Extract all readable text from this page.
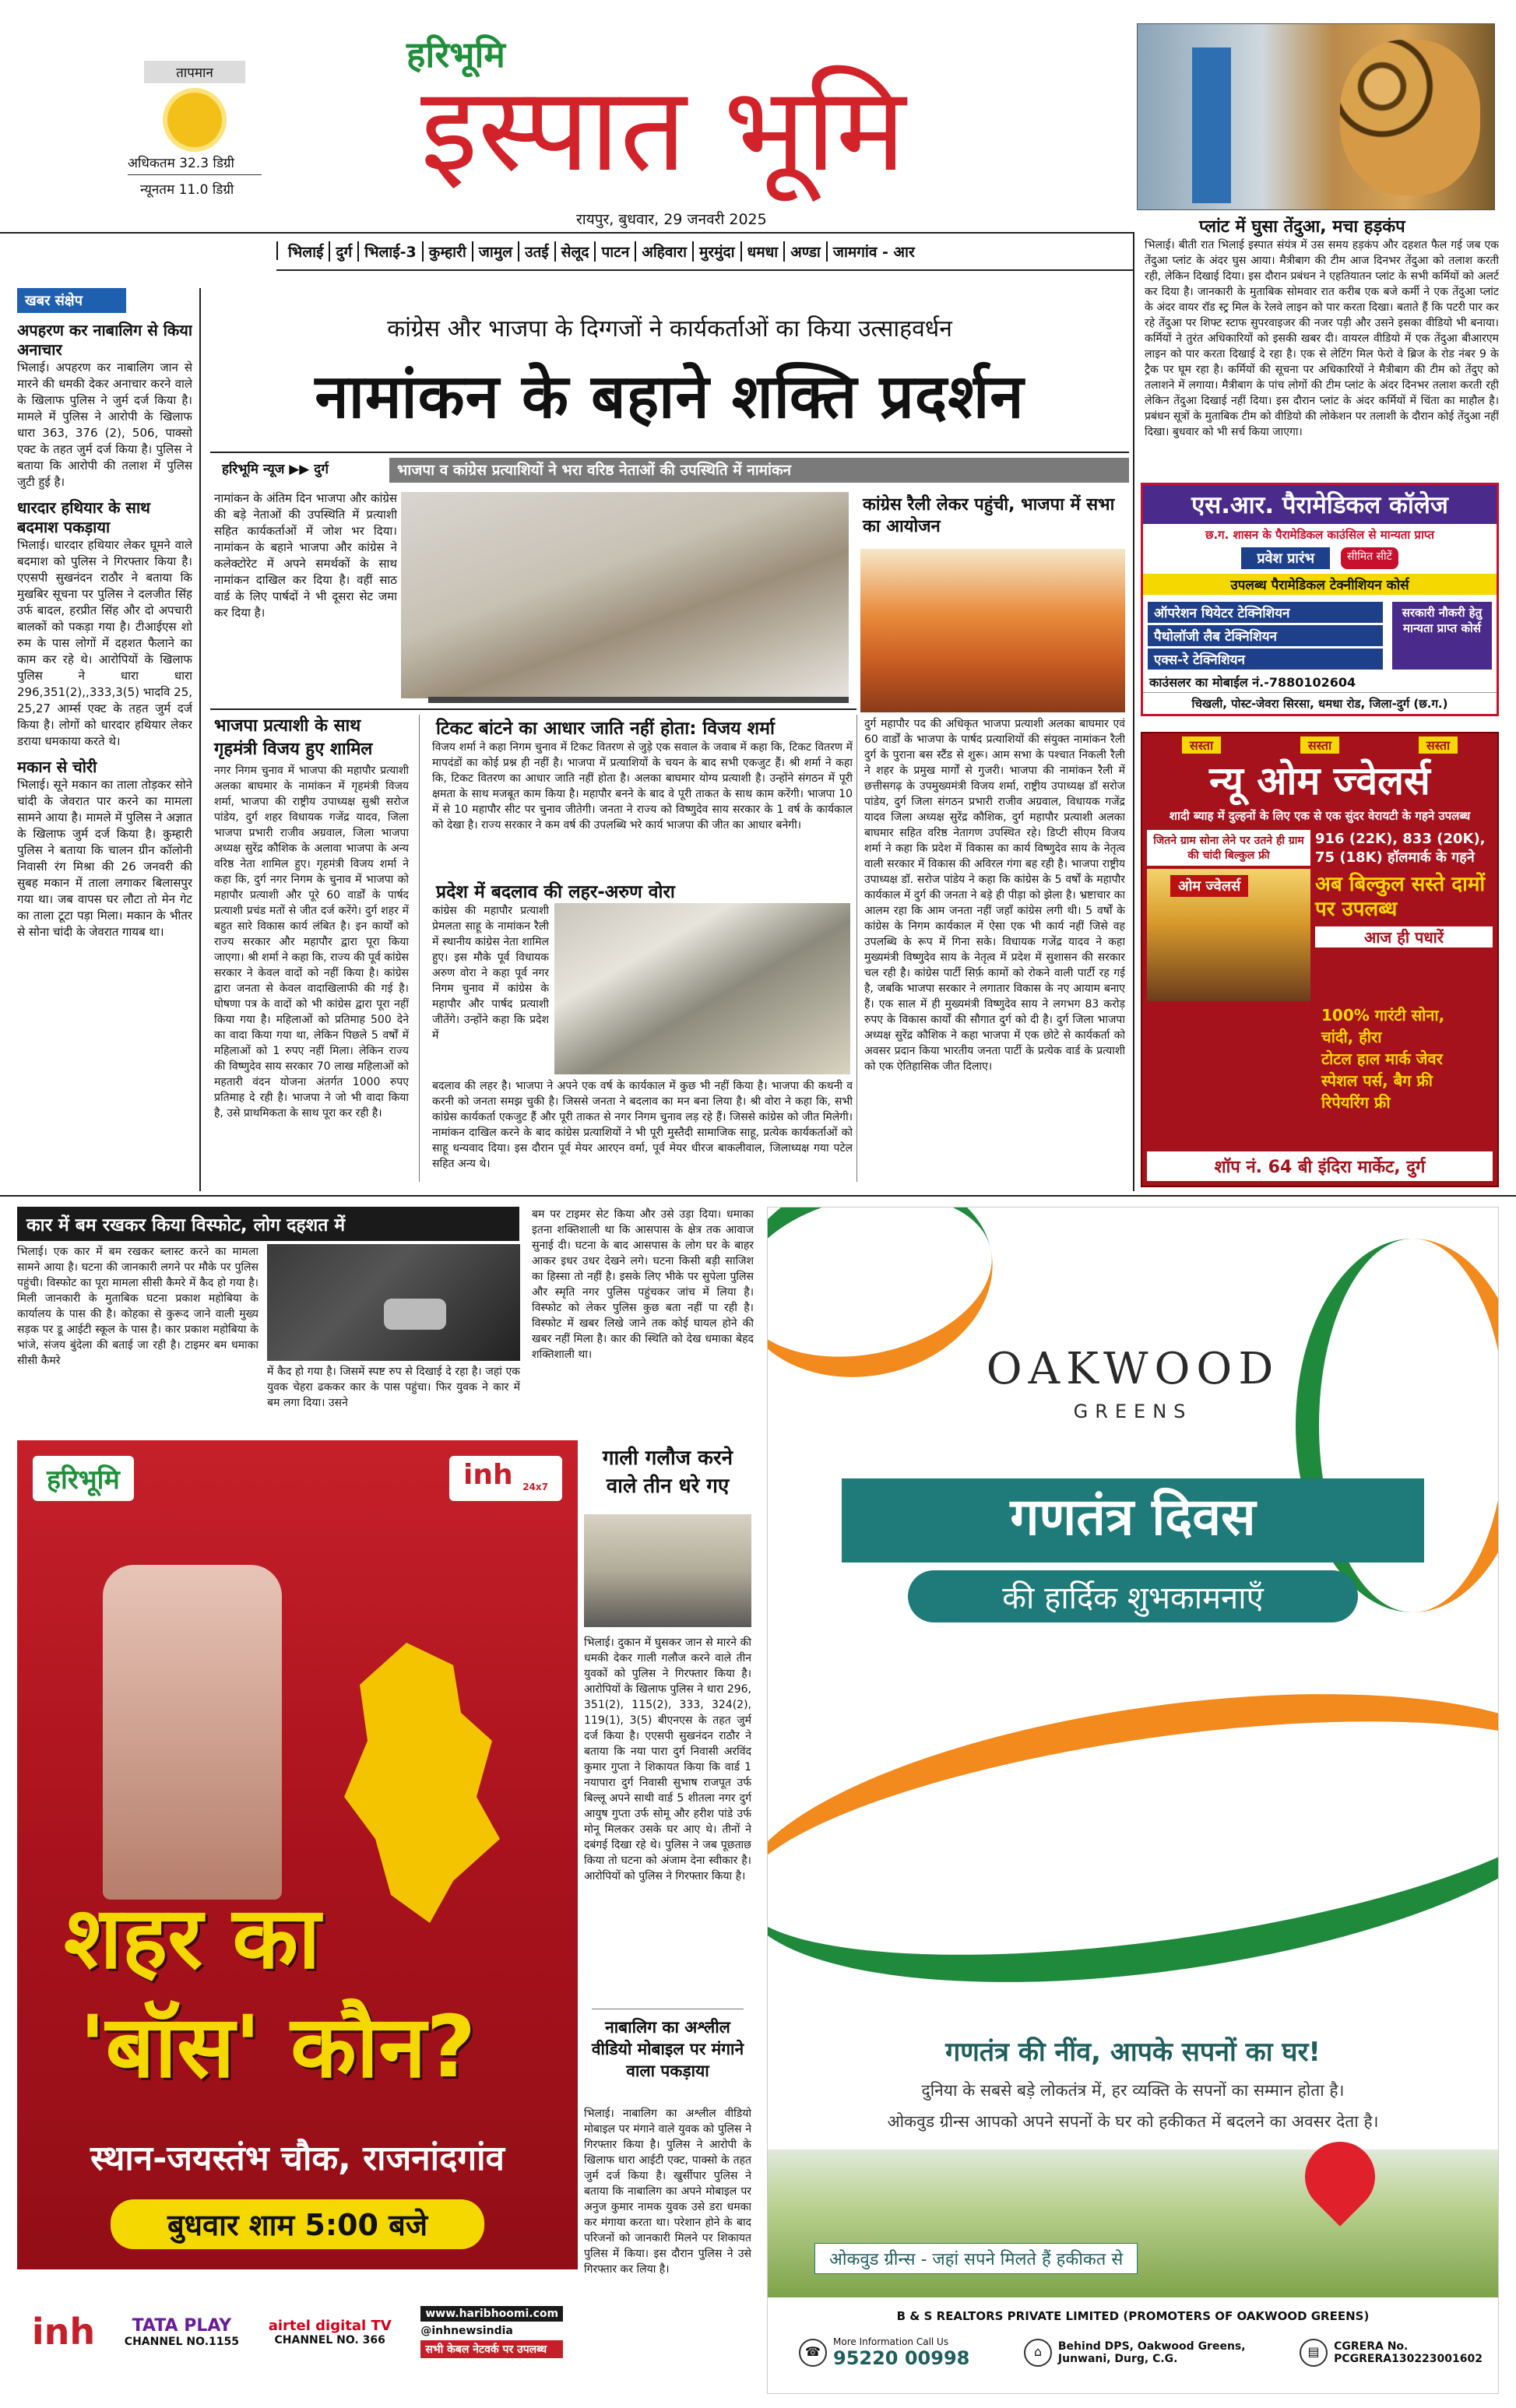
तापमान
अधिकतम 32.3 डिग्री
न्यूनतम 11.0 डिग्री
हरिभूमि
इस्पात भूमि
रायपुर, बुधवार, 29 जनवरी 2025	प्लांट में घुसा तेंदुआ, मचा हड़कंप
भिलाई दुर्ग भिलाई-3 कुम्हारी जामुल उतई सेलूद पाटन अहिवारा मुरमुंदा धमधा अण्डा जामगांव - आर
खबर संक्षेप

अपहरण कर नाबालिग से किया अनाचार

भिलाई। अपहरण कर नाबालिग जान से मारने की धमकी देकर अनाचार करने वाले के खिलाफ पुलिस ने जुर्म दर्ज किया है। मामले में पुलिस ने आरोपी के खिलाफ धारा 363, 376 (2), 506, पाक्सो एक्ट के तहत जुर्म दर्ज किया है। पुलिस ने बताया कि आरोपी की तलाश में पुलिस जुटी हुई है।

धारदार हथियार के साथ बदमाश पकड़ाया

भिलाई। धारदार हथियार लेकर घूमने वाले बदमाश को पुलिस ने गिरफ्तार किया है। एएसपी सुखनंदन राठौर ने बताया कि मुखबिर सूचना पर पुलिस ने दलजीत सिंह उर्फ बादल, हरप्रीत सिंह और दो अपचारी बालकों को पकड़ा गया है। टीआईएस शो रुम के पास लोगों में दहशत फैलाने का काम कर रहे थे। आरोपियों के खिलाफ पुलिस ने धारा धारा 296,351(2),,333,3(5) भादवि 25, 25,27 आर्म्स एक्ट के तहत जुर्म दर्ज किया है। लोगों को धारदार हथियार लेकर डराया धमकाया करते थे।

मकान से चोरी

भिलाई। सूने मकान का ताला तोड़कर सोने चांदी के जेवरात पार करने का मामला सामने आया है। मामले में पुलिस ने अज्ञात के खिलाफ जुर्म दर्ज किया है। कुम्हारी पुलिस ने बताया कि चालन ग्रीन कॉलोनी निवासी रंग मिश्रा की 26 जनवरी की सुबह मकान में ताला लगाकर बिलासपुर गया था। जब वापस घर लौटा तो मेन गेट का ताला टूटा पड़ा मिला। मकान के भीतर से सोना चांदी के जेवरात गायब था।

कांग्रेस और भाजपा के दिग्गजों ने कार्यकर्ताओं का किया उत्साहवर्धन
नामांकन के बहाने शक्ति प्रदर्शन
हरिभूमि न्यूज ▶▶ दुर्ग	भाजपा व कांग्रेस प्रत्याशियों ने भरा वरिष्ठ नेताओं की उपस्थिति में नामांकन
नामांकन के अंतिम दिन भाजपा और कांग्रेस की बड़े नेताओं की उपस्थिति में प्रत्याशी सहित कार्यकर्ताओं में जोश भर दिया। नामांकन के बहाने भाजपा और कांग्रेस ने कलेक्टोरेट में अपने समर्थकों के साथ नामांकन दाखिल कर दिया है। वहीं साठ वार्ड के लिए पार्षदों ने भी दूसरा सेट जमा कर दिया है।
कांग्रेस रैली लेकर पहुंची, भाजपा में सभा का आयोजन
भाजपा प्रत्याशी के साथ गृहमंत्री विजय हुए शामिल
नगर निगम चुनाव में भाजपा की महापौर प्रत्याशी अलका बाघमार के नामांकन में गृहमंत्री विजय शर्मा, भाजपा की राष्ट्रीय उपाध्यक्ष सुश्री सरोज पांडेय, दुर्ग शहर विधायक गजेंद्र यादव, जिला भाजपा प्रभारी राजीव अग्रवाल, जिला भाजपा अध्यक्ष सुरेंद्र कौशिक के अलावा भाजपा के अन्य वरिष्ठ नेता शामिल हुए। गृहमंत्री विजय शर्मा ने कहा कि, दुर्ग नगर निगम के चुनाव में भाजपा को महापौर प्रत्याशी और पूरे 60 वार्डों के पार्षद प्रत्याशी प्रचंड मतों से जीत दर्ज करेंगे। दुर्ग शहर में बहुत सारे विकास कार्य लंबित है। इन कार्यों को राज्य सरकार और महापौर द्वारा पूरा किया जाएगा। श्री शर्मा ने कहा कि, राज्य की पूर्व कांग्रेस सरकार ने केवल वादों को नहीं किया है। कांग्रेस द्वारा जनता से केवल वादाखिलाफी की गई है। घोषणा पत्र के वादों को भी कांग्रेस द्वारा पूरा नहीं किया गया है। महिलाओं को प्रतिमाह 500 देने का वादा किया गया था, लेकिन पिछले 5 वर्षों में महिलाओं को 1 रुपए नहीं मिला। लेकिन राज्य की विष्णुदेव साय सरकार 70 लाख महिलाओं को महतारी वंदन योजना अंतर्गत 1000 रुपए प्रतिमाह दे रही है। भाजपा ने जो भी वादा किया है, उसे प्राथमिकता के साथ पूरा कर रही है।
टिकट बांटने का आधार जाति नहीं होता: विजय शर्मा
विजय शर्मा ने कहा निगम चुनाव में टिकट वितरण से जुड़े एक सवाल के जवाब में कहा कि, टिकट वितरण में मापदंडों का कोई प्रश्न ही नहीं है। भाजपा में प्रत्याशियों के चयन के बाद सभी एकजुट हैं। श्री शर्मा ने कहा कि, टिकट वितरण का आधार जाति नहीं होता है। अलका बाघमार योग्य प्रत्याशी है। उन्होंने संगठन में पूरी क्षमता के साथ मजबूत काम किया है। महापौर बनने के बाद वे पूरी ताकत के साथ काम करेंगी। भाजपा 10 में से 10 महापौर सीट पर चुनाव जीतेगी। जनता ने राज्य को विष्णुदेव साय सरकार के 1 वर्ष के कार्यकाल को देखा है। राज्य सरकार ने कम वर्ष की उपलब्धि भरे कार्य भाजपा की जीत का आधार बनेगी।
प्रदेश में बदलाव की लहर-अरुण वोरा
कांग्रेस की महापौर प्रत्याशी प्रेमलता साहू के नामांकन रैली में स्थानीय कांग्रेस नेता शामिल हुए। इस मौके पूर्व विधायक अरुण वोरा ने कहा पूर्व नगर निगम चुनाव में कांग्रेस के महापौर और पार्षद प्रत्याशी जीतेंगे। उन्होंने कहा कि प्रदेश में
बदलाव की लहर है। भाजपा ने अपने एक वर्ष के कार्यकाल में कुछ भी नहीं किया है। भाजपा की कथनी व करनी को जनता समझ चुकी है। जिससे जनता ने बदलाव का मन बना लिया है। श्री वोरा ने कहा कि, सभी कांग्रेस कार्यकर्ता एकजुट हैं और पूरी ताकत से नगर निगम चुनाव लड़ रहे हैं। जिससे कांग्रेस को जीत मिलेगी। नामांकन दाखिल करने के बाद कांग्रेस प्रत्याशियों ने भी पूरी मुस्तैदी सामाजिक साहू, प्रत्येक कार्यकर्ताओं को साहू धन्यवाद दिया। इस दौरान पूर्व मेयर आरएन वर्मा, पूर्व मेयर धीरज बाकलीवाल, जिलाध्यक्ष गया पटेल सहित अन्य थे।
दुर्ग महापौर पद की अधिकृत भाजपा प्रत्याशी अलका बाघमार एवं 60 वार्डों के भाजपा के पार्षद प्रत्याशियों की संयुक्त नामांकन रैली दुर्ग के पुराना बस स्टैंड से शुरू। आम सभा के पश्चात निकली रैली ने शहर के प्रमुख मार्गों से गुजरी। भाजपा की नामांकन रैली में छत्तीसगढ़ के उपमुख्यमंत्री विजय शर्मा, राष्ट्रीय उपाध्यक्ष डॉ सरोज पांडेय, दुर्ग जिला संगठन प्रभारी राजीव अग्रवाल, विधायक गजेंद्र यादव जिला अध्यक्ष सुरेंद्र कौशिक, दुर्ग महापौर प्रत्याशी अलका बाघमार सहित वरिष्ठ नेतागण उपस्थित रहे। डिप्टी सीएम विजय शर्मा ने कहा कि प्रदेश में विकास का कार्य विष्णुदेव साय के नेतृत्व वाली सरकार में विकास की अविरल गंगा बह रही है। भाजपा राष्ट्रीय उपाध्यक्ष डॉ. सरोज पांडेय ने कहा कि कांग्रेस के 5 वर्षों के महापौर कार्यकाल में दुर्ग की जनता ने बड़े ही पीड़ा को झेला है। भ्रष्टाचार का आलम रहा कि आम जनता नहीं जहाँ कांग्रेस लगी थी। 5 वर्षों के कांग्रेस के निगम कार्यकाल में ऐसा एक भी कार्य नहीं जिसे वह उपलब्धि के रूप में गिना सके। विधायक गजेंद्र यादव ने कहा मुख्यमंत्री विष्णुदेव साय के नेतृत्व में प्रदेश में सुशासन की सरकार चल रही है। कांग्रेस पार्टी सिर्फ़ कामों को रोकने वाली पार्टी रह गई है, जबकि भाजपा सरकार ने लगातार विकास के नए आयाम बनाए हैं। एक साल में ही मुख्यमंत्री विष्णुदेव साय ने लगभग 83 करोड़ रुपए के विकास कार्यों की सौगात दुर्ग को दी है। दुर्ग जिला भाजपा अध्यक्ष सुरेंद्र कौशिक ने कहा भाजपा में एक छोटे से कार्यकर्ता को अवसर प्रदान किया भारतीय जनता पार्टी के प्रत्येक वार्ड के प्रत्याशी को एक ऐतिहासिक जीत दिलाए।
भिलाई। बीती रात भिलाई इस्पात संयंत्र में उस समय हड़कंप और दहशत फैल गई जब एक तेंदुआ प्लांट के अंदर घुस आया। मैत्रीबाग की टीम आज दिनभर तेंदुआ को तलाश करती रही, लेकिन दिखाई दिया। इस दौरान प्रबंधन ने एहतियातन प्लांट के सभी कर्मियों को अलर्ट कर दिया है। जानकारी के मुताबिक सोमवार रात करीब एक बजे कर्मी ने एक तेंदुआ प्लांट के अंदर वायर रॉड स्ट्र मिल के रेलवे लाइन को पार करता दिखा। बताते हैं कि पटरी पार कर रहे तेंदुआ पर शिफ्ट स्टाफ सुपरवाइजर की नजर पड़ी और उसने इसका वीडियो भी बनाया। कर्मियों ने तुरंत अधिकारियों को इसकी खबर दी। वायरल वीडियो में एक तेंदुआ बीआरएम लाइन को पार करता दिखाई दे रहा है। एक से लेटिंग मिल फेरो वे ब्रिज के रोड नंबर 9 के ट्रैक पर घूम रहा है। कर्मियों की सूचना पर अधिकारियों ने मैत्रीबाग की टीम को तेंदुए को तलाशने में लगाया। मैत्रीबाग के पांच लोगों की टीम प्लांट के अंदर दिनभर तलाश करती रही लेकिन तेंदुआ दिखाई नहीं दिया। इस दौरान प्लांट के अंदर कर्मियों में चिंता का माहौल है। प्रबंधन सूत्रों के मुताबिक टीम को वीडियो की लोकेशन पर तलाशी के दौरान कोई तेंदुआ नहीं दिखा। बुधवार को भी सर्च किया जाएगा।
एस.आर. पैरामेडिकल कॉलेज
छ.ग. शासन के पैरामेडिकल काउंसिल से मान्यता प्राप्त
प्रवेश प्रारंभ	सीमित सीटें
उपलब्ध पैरामेडिकल टेक्नीशियन कोर्स
ऑपरेशन थियेटर टेक्निशियन
पैथोलॉजी लैब टेक्निशियन
एक्स-रे टेक्निशियन
सरकारी नौकरी हेतु मान्यता प्राप्त कोर्स
काउंसलर का मोबाईल नं.-7880102604
चिखली, पोस्ट-जेवरा सिरसा, धमधा रोड, जिला-दुर्ग (छ.ग.)
सस्ता	सस्ता	सस्ता
न्यू ओम ज्वेलर्स
शादी ब्याह में दुल्हनों के लिए एक से एक सुंदर वेरायटी के गहने उपलब्ध
जितने ग्राम सोना लेने पर उतने ही ग्राम की चांदी बिल्कुल फ्री
ओम ज्वेलर्स
916 (22K), 833 (20K), 75 (18K) हॉलमार्क के गहने
अब बिल्कुल सस्ते दामों पर उपलब्ध
आज ही पधारें
100% गारंटी सोना, चांदी, हीरा
टोटल हाल मार्क जेवर
स्पेशल पर्स, बैग फ्री
रिपेयरिंग फ्री
शॉप नं. 64 बी इंदिरा मार्केट, दुर्ग
कार में बम रखकर किया विस्फोट, लोग दहशत में
भिलाई। एक कार में बम रखकर ब्लास्ट करने का मामला सामने आया है। घटना की जानकारी लगने पर मौके पर पुलिस पहुंची। विस्फोट का पूरा मामला सीसी कैमरे में कैद हो गया है। मिली जानकारी के मुताबिक घटना प्रकाश महोबिया के कार्यालय के पास की है। कोहका से कुरूद जाने वाली मुख्य सड़क पर डू आईटी स्कूल के पास है। कार प्रकाश महोबिया के भांजे, संजय बुंदेला की बताई जा रही है। टाइमर बम धमाका सीसी कैमरे
में कैद हो गया है। जिसमें स्पष्ट रुप से दिखाई दे रहा है। जहां एक युवक चेहरा ढककर कार के पास पहुंचा। फिर युवक ने कार में बम लगा दिया। उसने
बम पर टाइमर सेट किया और उसे उड़ा दिया। धमाका इतना शक्तिशाली था कि आसपास के क्षेत्र तक आवाज सुनाई दी। घटना के बाद आसपास के लोग घर के बाहर आकर इधर उधर देखने लगे। घटना किसी बड़ी साजिश का हिस्सा तो नहीं है। इसके लिए भीके पर सुपेला पुलिस और स्मृति नगर पुलिस पहुंचकर जांच में लिया है। विस्फोट को लेकर पुलिस कुछ बता नहीं पा रही है। विस्फोट में खबर लिखे जाने तक कोई घायल होने की खबर नहीं मिला है। कार की स्थिति को देख धमाका बेहद शक्तिशाली था।
हरिभूमि	inh $_{24x7}$
शहर का
'बॉस' कौन?
स्थान-जयस्तंभ चौक, राजनांदगांव
बुधवार शाम 5:00 बजे
inh	TATA PLAY
CHANNEL NO.1155
airtel digital TV
CHANNEL NO. 366
www.haribhoomi.com
@inhnewsindia
सभी केबल नेटवर्क पर उपलब्ध
गाली गलौज करने वाले तीन धरे गए
भिलाई। दुकान में घुसकर जान से मारने की धमकी देकर गाली गलौज करने वाले तीन युवकों को पुलिस ने गिरफ्तार किया है। आरोपियों के खिलाफ पुलिस ने धारा 296, 351(2), 115(2), 333, 324(2), 119(1), 3(5) बीएनएस के तहत जुर्म दर्ज किया है। एएसपी सुखनंदन राठौर ने बताया कि नया पारा दुर्ग निवासी अरविंद कुमार गुप्ता ने शिकायत किया कि वार्ड 1 नयापारा दुर्ग निवासी सुभाष राजपूत उर्फ बिल्लू अपने साथी वार्ड 5 शीतला नगर दुर्ग आयुष गुप्ता उर्फ सोमू और हरीश पांडे उर्फ मोनू मिलकर उसके घर आए थे। तीनों ने दबंगई दिखा रहे थे। पुलिस ने जब पूछताछ किया तो घटना को अंजाम देना स्वीकार है। आरोपियों को पुलिस ने गिरफ्तार किया है।
नाबालिग का अश्लील वीडियो मोबाइल पर मंगाने वाला पकड़ाया
भिलाई। नाबालिग का अश्लील वीडियो मोबाइल पर मंगाने वाले युवक को पुलिस ने गिरफ्तार किया है। पुलिस ने आरोपी के खिलाफ धारा आईटी एक्ट, पाक्सो के तहत जुर्म दर्ज किया है। खुर्सीपार पुलिस ने बताया कि नाबालिग का अपने मोबाइल पर अनुज कुमार नामक युवक उसे डरा धमका कर मंगाया करता था। परेशान होने के बाद परिजनों को जानकारी मिलने पर शिकायत पुलिस में किया। इस दौरान पुलिस ने उसे गिरफ्तार कर लिया है।
OAKWOOD
GREENS
गणतंत्र दिवस
की हार्दिक शुभकामनाएँ
गणतंत्र की नींव, आपके सपनों का घर!
दुनिया के सबसे बड़े लोकतंत्र में, हर व्यक्ति के सपनों का सम्मान होता है।
ओकवुड ग्रीन्स आपको अपने सपनों के घर को हकीकत में बदलने का अवसर देता है।
ओकवुड ग्रीन्स - जहां सपने मिलते हैं हकीकत से
B & S REALTORS PRIVATE LIMITED (PROMOTERS OF OAKWOOD GREENS)
☎
More Information Call Us
95220 00998	⌂	Behind DPS, Oakwood Greens,
Junwani, Durg, C.G.	▤	CGRERA No.
PCGRERA130223001602
